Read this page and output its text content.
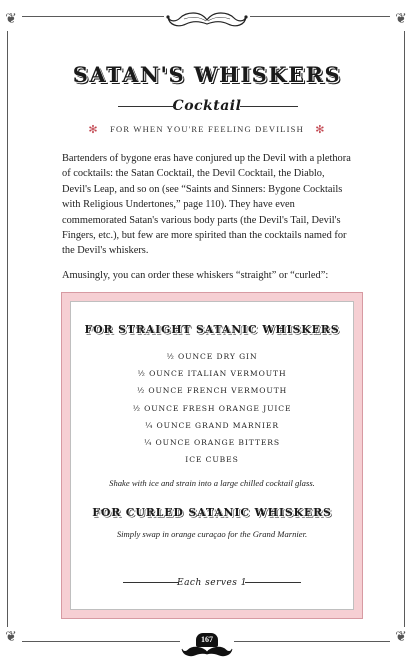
❦	❦
❦	❦
SATAN'S WHISKERS
Cocktail
✻ FOR WHEN YOU'RE FEELING DEVILISH ✻

Bartenders of bygone eras have conjured up the Devil with a plethora of cocktails: the Satan Cocktail, the Devil Cocktail, the Diablo, Devil's Leap, and so on (see “Saints and Sinners: Bygone Cocktails with Religious Undertones,” page 110). They have even commemorated Satan's various body parts (the Devil's Tail, Devil's Fingers, etc.), but few are more spirited than the cocktails named for the Devil's whiskers.

Amusingly, you can order these whiskers “straight” or “curled”:

FOR STRAIGHT SATANIC WHISKERS
½ OUNCE DRY GIN
½ OUNCE ITALIAN VERMOUTH
½ OUNCE FRENCH VERMOUTH
½ OUNCE FRESH ORANGE JUICE
¼ OUNCE GRAND MARNIER
¼ OUNCE ORANGE BITTERS
ICE CUBES
Shake with ice and strain into a large chilled cocktail glass.
FOR CURLED SATANIC WHISKERS
Simply swap in orange curaçao for the Grand Marnier.
Each serves 1
167
